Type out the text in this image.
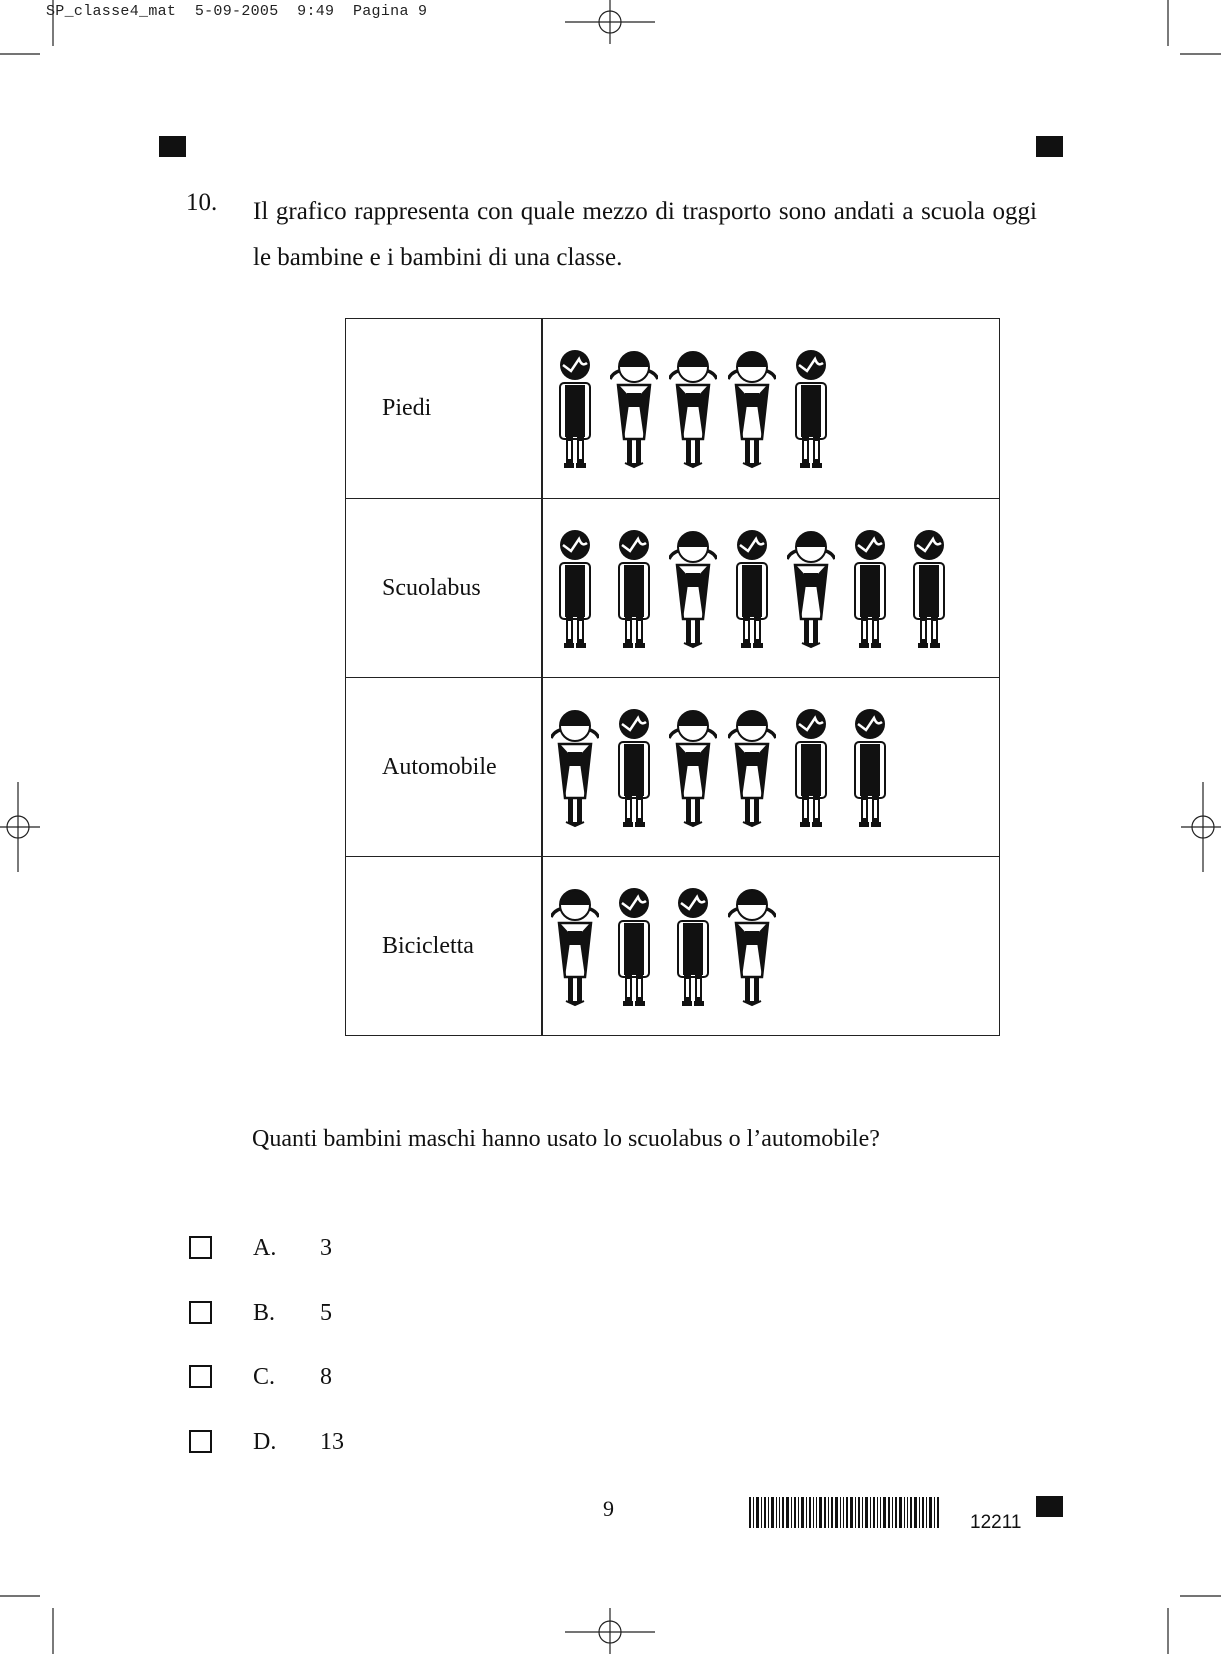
SP_classe4_mat  5-09-2005  9:49  Pagina 9
10. Il grafico rappresenta con quale mezzo di trasporto sono andati a scuola oggi le bambine e i bambini di una classe.
Piedi
Scuolabus
Automobile
Bicicletta
Quanti bambini maschi hanno usato lo scuolabus o l’automobile?
A. 3
B. 5
C. 8
D. 13
9
12211
